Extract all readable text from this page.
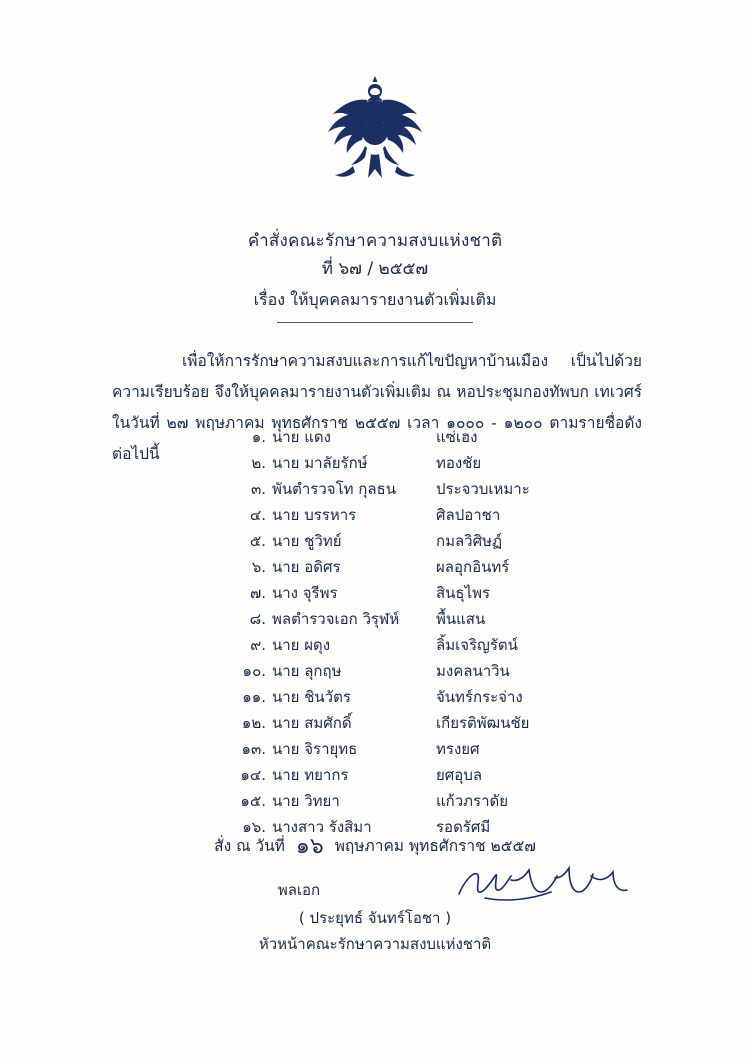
คำสั่งคณะรักษาความสงบแห่งชาติ
ที่ ๖๗ / ๒๕๕๗
เรื่อง ให้บุคคลมารายงานตัวเพิ่มเติม
เพื่อให้การรักษาความสงบและการแก้ไขปัญหาบ้านเมือง เป็นไปด้วยความเรียบร้อย จึงให้บุคคลมารายงานตัวเพิ่มเติม ณ หอประชุมกองทัพบก เทเวศร์ ในวันที่ ๒๗ พฤษภาคม พุทธศักราช ๒๕๕๗ เวลา ๑๐๐๐ - ๑๒๐๐ ตามรายชื่อดังต่อไปนี้
๑. นาย แดง	แซ่เฮง
๒. นาย มาลัยรักษ์	ทองชัย
๓. พันตำรวจโท กุลธน	ประจวบเหมาะ
๔. นาย บรรหาร	ศิลปอาชา
๕. นาย ชูวิทย์	กมลวิศิษฏ์
๖. นาย อดิศร	ผลอุกอินทร์
๗. นาง จุรีพร	สินธุไพร
๘. พลตำรวจเอก วิรุฬห์	พื้นแสน
๙. นาย ผดุง	ลิ้มเจริญรัตน์
๑๐. นาย ลุกฤษ	มงคลนาวิน
๑๑. นาย ชินวัตร	จันทร์กระจ่าง
๑๒. นาย สมศักดิ์	เกียรติพัฒนชัย
๑๓. นาย จิรายุทธ	ทรงยศ
๑๔. นาย ทยากร	ยศอุบล
๑๕. นาย วิทยา	แก้วภราดัย
๑๖. นางสาว รังสิมา	รอดรัศมี
สั่ง ณ วันที่ ๑๖ พฤษภาคม พุทธศักราช ๒๕๕๗
พลเอก
( ประยุทธ์ จันทร์โอชา )
หัวหน้าคณะรักษาความสงบแห่งชาติ
